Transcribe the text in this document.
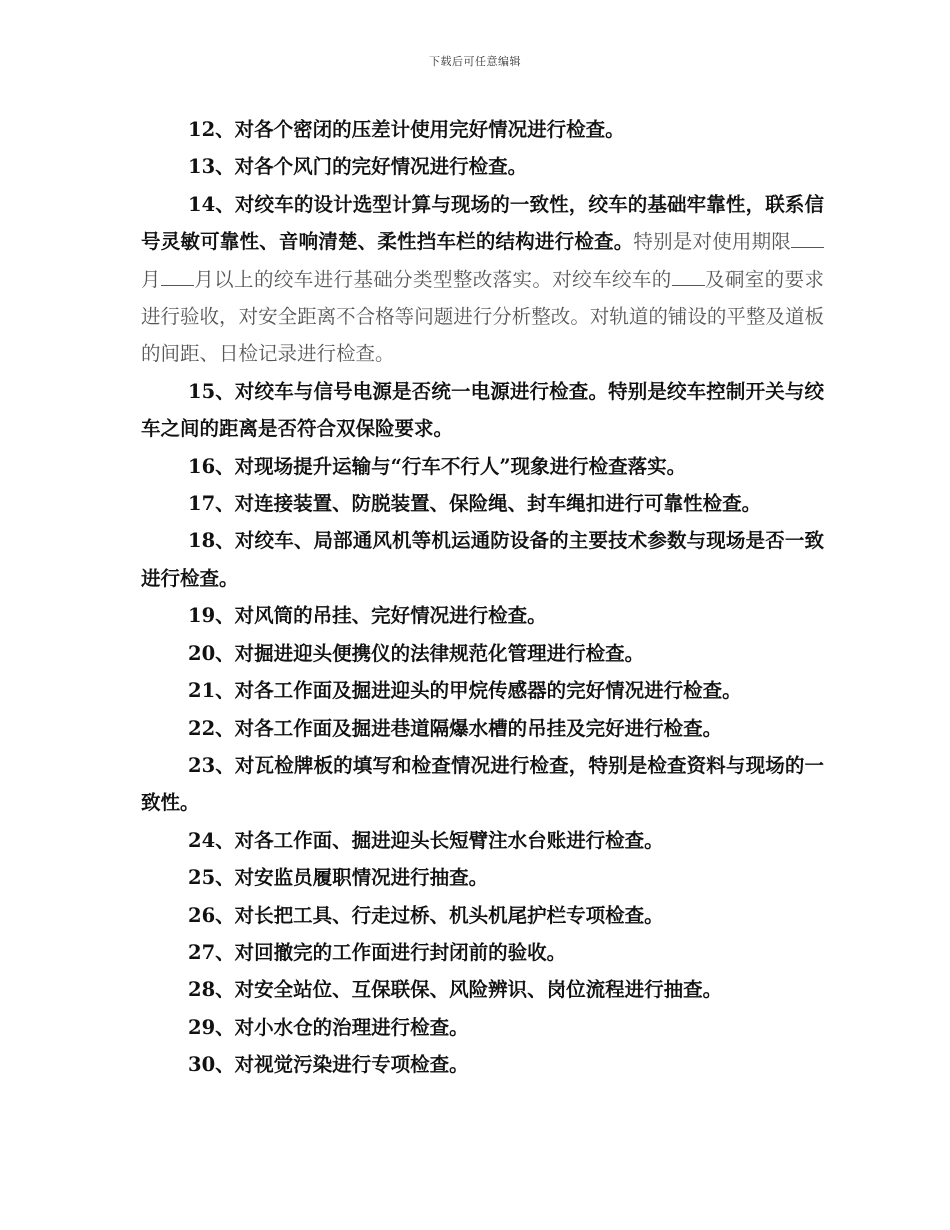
下载后可任意编辑

12、对各个密闭的压差计使用完好情况进行检查。

13、对各个风门的完好情况进行检查。

14、对绞车的设计选型计算与现场的一致性，绞车的基础牢靠性，联系信号灵敏可靠性、音响清楚、柔性挡车栏的结构进行检查。特别是对使用期限月 月以上的绞车进行基础分类型整改落实。对绞车绞车的 及硐室的要求进行验收，对安全距离不合格等问题进行分析整改。对轨道的铺设的平整及道板的间距、日检记录进行检查。

15、对绞车与信号电源是否统一电源进行检查。特别是绞车控制开关与绞车之间的距离是否符合双保险要求。

16、对现场提升运输与“行车不行人”现象进行检查落实。

17、对连接装置、防脱装置、保险绳、封车绳扣进行可靠性检查。

18、对绞车、局部通风机等机运通防设备的主要技术参数与现场是否一致进行检查。

19、对风筒的吊挂、完好情况进行检查。

20、对掘进迎头便携仪的法律规范化管理进行检查。

21、对各工作面及掘进迎头的甲烷传感器的完好情况进行检查。

22、对各工作面及掘进巷道隔爆水槽的吊挂及完好进行检查。

23、对瓦检牌板的填写和检查情况进行检查，特别是检查资料与现场的一致性。

24、对各工作面、掘进迎头长短臂注水台账进行检查。

25、对安监员履职情况进行抽查。

26、对长把工具、行走过桥、机头机尾护栏专项检查。

27、对回撤完的工作面进行封闭前的验收。

28、对安全站位、互保联保、风险辨识、岗位流程进行抽查。

29、对小水仓的治理进行检查。

30、对视觉污染进行专项检查。
